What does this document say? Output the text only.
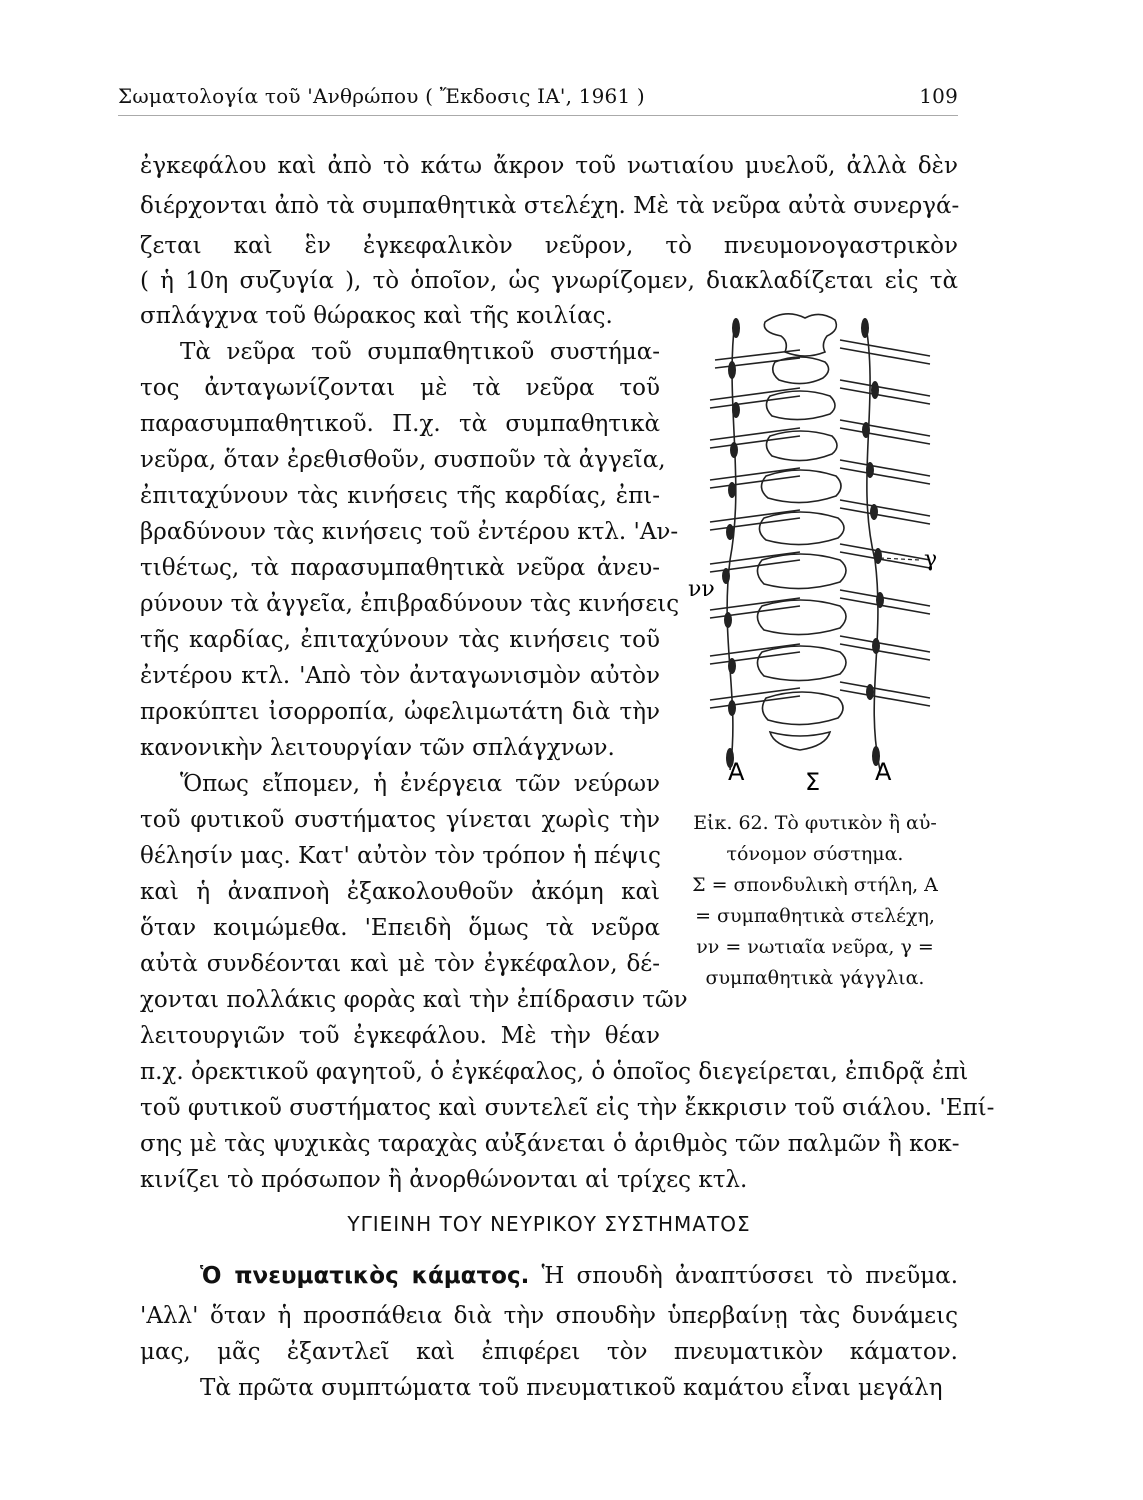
Σωματολογία τοῦ 'Ανθρώπου ( Ἔκδοσις ΙΑ', 1961 )	109
ἐγκεφάλου καὶ ἀπὸ τὸ κάτω ἄκρον τοῦ νωτιαίου μυελοῦ, ἀλλὰ δὲν
διέρχονται ἀπὸ τὰ συμπαθητικὰ στελέχη. Μὲ τὰ νεῦρα αὐτὰ συνεργά-
ζεται καὶ ἓν ἐγκεφαλικὸν νεῦρον, τὸ πνευμονογαστρικὸν
( ἡ 10η συζυγία ), τὸ ὁποῖον, ὡς γνωρίζομεν, διακλαδίζεται εἰς τὰ
σπλάγχνα τοῦ θώρακος καὶ τῆς κοιλίας.
Τὰ νεῦρα τοῦ συμπαθητικοῦ συστήμα-
τος ἀνταγωνίζονται μὲ τὰ νεῦρα τοῦ
παρασυμπαθητικοῦ. Π.χ. τὰ συμπαθητικὰ
νεῦρα, ὅταν ἐρεθισθοῦν, συσποῦν τὰ ἀγγεῖα,
ἐπιταχύνουν τὰς κινήσεις τῆς καρδίας, ἐπι-
βραδύνουν τὰς κινήσεις τοῦ ἐντέρου κτλ. 'Αν-
τιθέτως, τὰ παρασυμπαθητικὰ νεῦρα ἀνευ-
ρύνουν τὰ ἀγγεῖα, ἐπιβραδύνουν τὰς κινήσεις
τῆς καρδίας, ἐπιταχύνουν τὰς κινήσεις τοῦ
ἐντέρου κτλ. 'Απὸ τὸν ἀνταγωνισμὸν αὐτὸν
προκύπτει ἰσορροπία, ὠφελιμωτάτη διὰ τὴν
κανονικὴν λειτουργίαν τῶν σπλάγχνων.
Ὅπως εἴπομεν, ἡ ἐνέργεια τῶν νεύρων
τοῦ φυτικοῦ συστήματος γίνεται χωρὶς τὴν
θέλησίν μας. Κατ' αὐτὸν τὸν τρόπον ἡ πέψις
καὶ ἡ ἀναπνοὴ ἐξακολουθοῦν ἀκόμη καὶ
ὅταν κοιμώμεθα. 'Επειδὴ ὅμως τὰ νεῦρα
αὐτὰ συνδέονται καὶ μὲ τὸν ἐγκέφαλον, δέ-
χονται πολλάκις φορὰς καὶ τὴν ἐπίδρασιν τῶν
λειτουργιῶν τοῦ ἐγκεφάλου. Μὲ τὴν θέαν
π.χ. ὀρεκτικοῦ φαγητοῦ, ὁ ἐγκέφαλος, ὁ ὁποῖος διεγείρεται, ἐπιδρᾷ ἐπὶ
τοῦ φυτικοῦ συστήματος καὶ συντελεῖ εἰς τὴν ἔκκρισιν τοῦ σιάλου. 'Επί-
σης μὲ τὰς ψυχικὰς ταραχὰς αὐξάνεται ὁ ἀριθμὸς τῶν παλμῶν ἢ κοκ-
κινίζει τὸ πρόσωπον ἢ ἀνορθώνονται αἱ τρίχες κτλ.
ΥΓΙΕΙΝΗ ΤΟΥ ΝΕΥΡΙΚΟΥ ΣΥΣΤΗΜΑΤΟΣ
Ὁ πνευματικὸς κάματος. Ἡ σπουδὴ ἀναπτύσσει τὸ πνεῦμα.
'Αλλ' ὅταν ἡ προσπάθεια διὰ τὴν σπουδὴν ὑπερβαίνῃ τὰς δυνάμεις
μας, μᾶς ἐξαντλεῖ καὶ ἐπιφέρει τὸν πνευματικὸν κάματον.
Τὰ πρῶτα συμπτώματα τοῦ πνευματικοῦ καμάτου εἶναι μεγάλη
νν
γ
A	Σ A
Εἰκ. 62. Τὸ φυτικὸν ἢ αὐ-
τόνομον σύστημα.
Σ = σπονδυλικὴ στήλη, Α
= συμπαθητικὰ στελέχη,
νν = νωτιαῖα νεῦρα, γ =
συμπαθητικὰ γάγγλια.
